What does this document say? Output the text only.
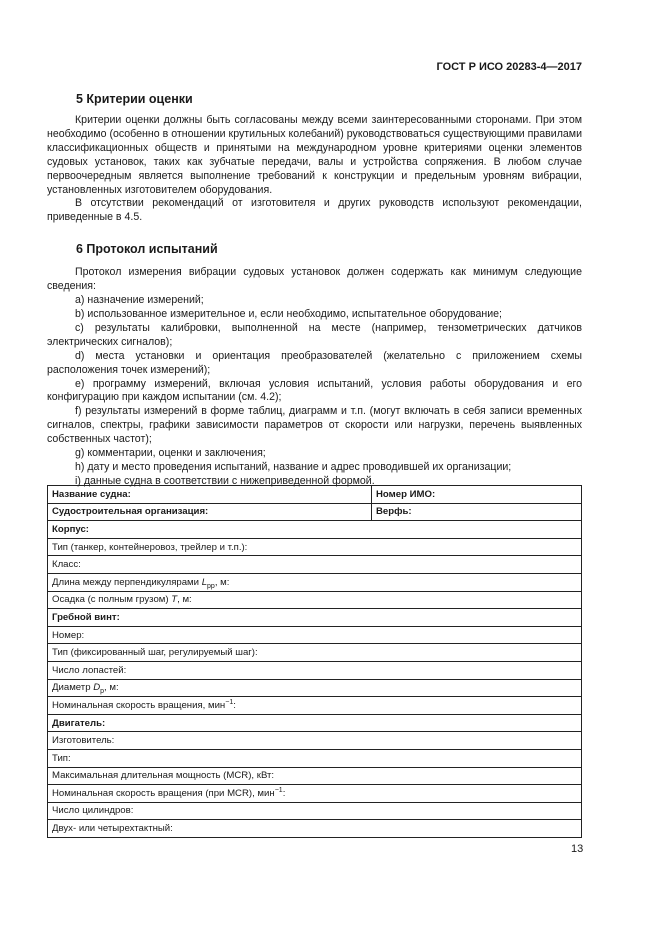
ГОСТ Р ИСО 20283-4—2017
5 Критерии оценки

Критерии оценки должны быть согласованы между всеми заинтересованными сторонами. При этом необходимо (особенно в отношении крутильных колебаний) руководствоваться существующими правилами классификационных обществ и принятыми на международном уровне критериями оценки элементов судовых установок, таких как зубчатые передачи, валы и устройства сопряжения. В любом случае первоочередным является выполнение требований к конструкции и предельным уровням вибрации, установленных изготовителем оборудования.

В отсутствии рекомендаций от изготовителя и других руководств используют рекомендации, приведенные в 4.5.

6 Протокол испытаний

Протокол измерения вибрации судовых установок должен содержать как минимум следующие сведения:

a) назначение измерений;

b) использованное измерительное и, если необходимо, испытательное оборудование;

c) результаты калибровки, выполненной на месте (например, тензометрических датчиков электрических сигналов);

d) места установки и ориентация преобразователей (желательно с приложением схемы расположения точек измерений);

e) программу измерений, включая условия испытаний, условия работы оборудования и его конфигурацию при каждом испытании (см. 4.2);

f) результаты измерений в форме таблиц, диаграмм и т.п. (могут включать в себя записи временных сигналов, спектры, графики зависимости параметров от скорости или нагрузки, перечень выявленных собственных частот);

g) комментарии, оценки и заключения;

h) дату и место проведения испытаний, название и адрес проводившей их организации;

i) данные судна в соответствии с нижеприведенной формой.

Название судна:	Номер ИМО:
Судостроительная организация:	Верфь:
Корпус:	
Тип (танкер, контейнеровоз, трейлер и т.п.):	
Класс:	
Длина между перпендикулярами $L_{pp}$, м:	
Осадка (с полным грузом) T, м:	
Гребной винт:	
Номер:	
Тип (фиксированный шаг, регулируемый шаг):	
Число лопастей:	
Диаметр $D_p$, м:	
Номинальная скорость вращения, мин$^{-1}$:	
Двигатель:	
Изготовитель:	
Тип:	
Максимальная длительная мощность (MCR), кВт:	
Номинальная скорость вращения (при MCR), мин$^{-1}$:	
Число цилиндров:	
Двух- или четырехтактный:	
13
